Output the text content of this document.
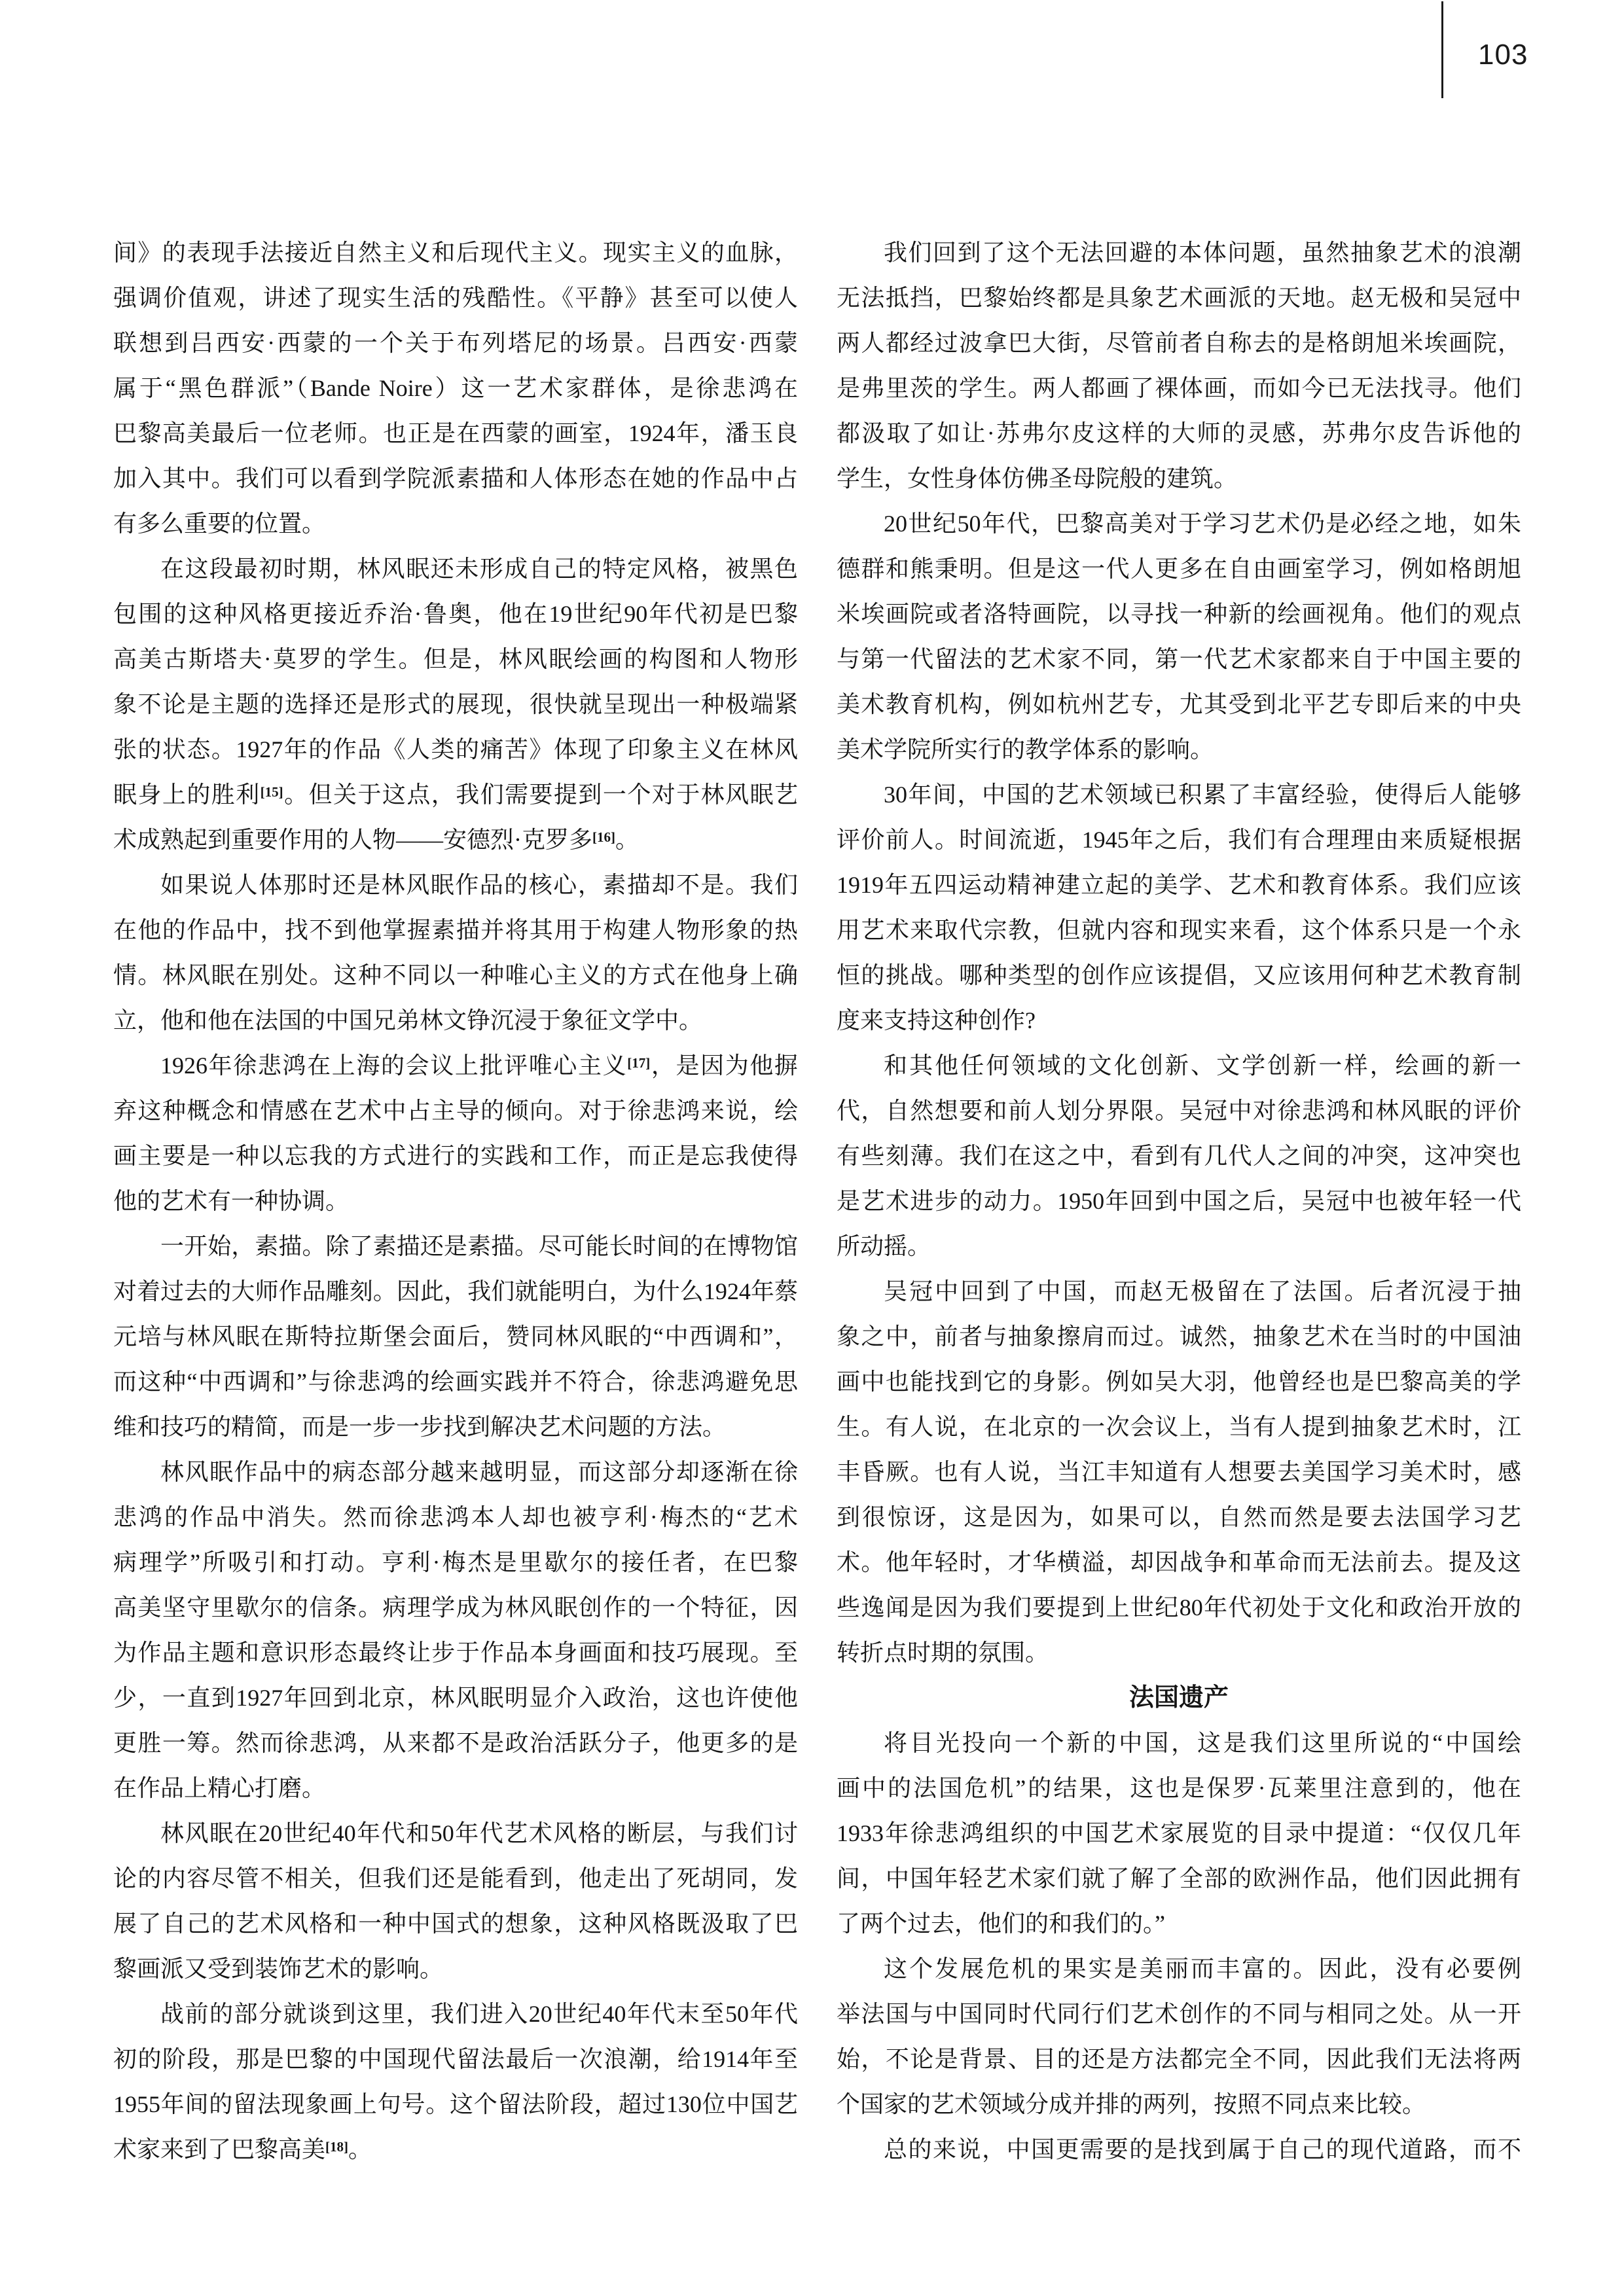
103
间》的表现手法接近自然主义和后现代主义。现实主义的血脉，
强调价值观，讲述了现实生活的残酷性。《平静》甚至可以使人
联想到吕西安·西蒙的一个关于布列塔尼的场景。吕西安·西蒙
属于“黑色群派”（Bande Noire）这一艺术家群体，是徐悲鸿在
巴黎高美最后一位老师。也正是在西蒙的画室，1924年，潘玉良
加入其中。我们可以看到学院派素描和人体形态在她的作品中占
有多么重要的位置。
在这段最初时期，林风眠还未形成自己的特定风格，被黑色
包围的这种风格更接近乔治·鲁奥，他在19世纪90年代初是巴黎
高美古斯塔夫·莫罗的学生。但是，林风眠绘画的构图和人物形
象不论是主题的选择还是形式的展现，很快就呈现出一种极端紧
张的状态。1927年的作品《人类的痛苦》体现了印象主义在林风
眠身上的胜利[15]。但关于这点，我们需要提到一个对于林风眠艺
术成熟起到重要作用的人物——安德烈·克罗多[16]。
如果说人体那时还是林风眠作品的核心，素描却不是。我们
在他的作品中，找不到他掌握素描并将其用于构建人物形象的热
情。林风眠在别处。这种不同以一种唯心主义的方式在他身上确
立，他和他在法国的中国兄弟林文铮沉浸于象征文学中。
1926年徐悲鸿在上海的会议上批评唯心主义[17]，是因为他摒
弃这种概念和情感在艺术中占主导的倾向。对于徐悲鸿来说，绘
画主要是一种以忘我的方式进行的实践和工作，而正是忘我使得
他的艺术有一种协调。
一开始，素描。除了素描还是素描。尽可能长时间的在博物馆
对着过去的大师作品雕刻。因此，我们就能明白，为什么1924年蔡
元培与林风眠在斯特拉斯堡会面后，赞同林风眠的“中西调和”，
而这种“中西调和”与徐悲鸿的绘画实践并不符合，徐悲鸿避免思
维和技巧的精简，而是一步一步找到解决艺术问题的方法。
林风眠作品中的病态部分越来越明显，而这部分却逐渐在徐
悲鸿的作品中消失。然而徐悲鸿本人却也被亨利·梅杰的“艺术
病理学”所吸引和打动。亨利·梅杰是里歇尔的接任者，在巴黎
高美坚守里歇尔的信条。病理学成为林风眠创作的一个特征，因
为作品主题和意识形态最终让步于作品本身画面和技巧展现。至
少，一直到1927年回到北京，林风眠明显介入政治，这也许使他
更胜一筹。然而徐悲鸿，从来都不是政治活跃分子，他更多的是
在作品上精心打磨。
林风眠在20世纪40年代和50年代艺术风格的断层，与我们讨
论的内容尽管不相关，但我们还是能看到，他走出了死胡同，发
展了自己的艺术风格和一种中国式的想象，这种风格既汲取了巴
黎画派又受到装饰艺术的影响。
战前的部分就谈到这里，我们进入20世纪40年代末至50年代
初的阶段，那是巴黎的中国现代留法最后一次浪潮，给1914年至
1955年间的留法现象画上句号。这个留法阶段，超过130位中国艺
术家来到了巴黎高美[18]。
我们回到了这个无法回避的本体问题，虽然抽象艺术的浪潮
无法抵挡，巴黎始终都是具象艺术画派的天地。赵无极和吴冠中
两人都经过波拿巴大街，尽管前者自称去的是格朗旭米埃画院，
是弗里茨的学生。两人都画了裸体画，而如今已无法找寻。他们
都汲取了如让·苏弗尔皮这样的大师的灵感，苏弗尔皮告诉他的
学生，女性身体仿佛圣母院般的建筑。
20世纪50年代，巴黎高美对于学习艺术仍是必经之地，如朱
德群和熊秉明。但是这一代人更多在自由画室学习，例如格朗旭
米埃画院或者洛特画院，以寻找一种新的绘画视角。他们的观点
与第一代留法的艺术家不同，第一代艺术家都来自于中国主要的
美术教育机构，例如杭州艺专，尤其受到北平艺专即后来的中央
美术学院所实行的教学体系的影响。
30年间，中国的艺术领域已积累了丰富经验，使得后人能够
评价前人。时间流逝，1945年之后，我们有合理理由来质疑根据
1919年五四运动精神建立起的美学、艺术和教育体系。我们应该
用艺术来取代宗教，但就内容和现实来看，这个体系只是一个永
恒的挑战。哪种类型的创作应该提倡，又应该用何种艺术教育制
度来支持这种创作?
和其他任何领域的文化创新、文学创新一样，绘画的新一
代，自然想要和前人划分界限。吴冠中对徐悲鸿和林风眠的评价
有些刻薄。我们在这之中，看到有几代人之间的冲突，这冲突也
是艺术进步的动力。1950年回到中国之后，吴冠中也被年轻一代
所动摇。
吴冠中回到了中国，而赵无极留在了法国。后者沉浸于抽
象之中，前者与抽象擦肩而过。诚然，抽象艺术在当时的中国油
画中也能找到它的身影。例如吴大羽，他曾经也是巴黎高美的学
生。有人说，在北京的一次会议上，当有人提到抽象艺术时，江
丰昏厥。也有人说，当江丰知道有人想要去美国学习美术时，感
到很惊讶，这是因为，如果可以，自然而然是要去法国学习艺
术。他年轻时，才华横溢，却因战争和革命而无法前去。提及这
些逸闻是因为我们要提到上世纪80年代初处于文化和政治开放的
转折点时期的氛围。
法国遗产
将目光投向一个新的中国，这是我们这里所说的“中国绘
画中的法国危机”的结果，这也是保罗·瓦莱里注意到的，他在
1933年徐悲鸿组织的中国艺术家展览的目录中提道：“仅仅几年
间，中国年轻艺术家们就了解了全部的欧洲作品，他们因此拥有
了两个过去，他们的和我们的。”
这个发展危机的果实是美丽而丰富的。因此，没有必要例
举法国与中国同时代同行们艺术创作的不同与相同之处。从一开
始，不论是背景、目的还是方法都完全不同，因此我们无法将两
个国家的艺术领域分成并排的两列，按照不同点来比较。
总的来说，中国更需要的是找到属于自己的现代道路，而不
